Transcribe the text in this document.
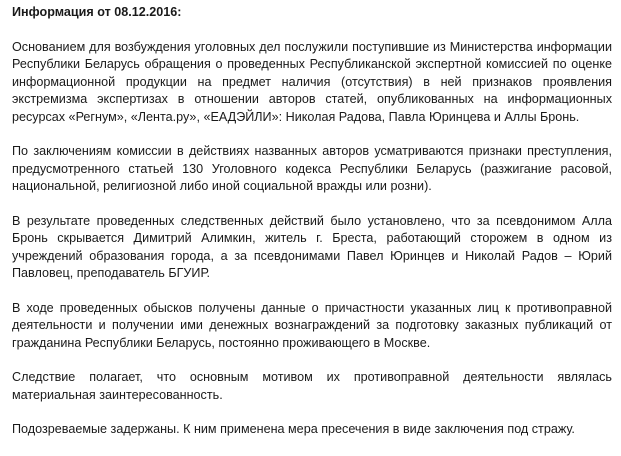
Информация от 08.12.2016:

Основанием для возбуждения уголовных дел послужили поступившие из Министерства информации Республики Беларусь обращения о проведенных Республиканской экспертной комиссией по оценке информационной продукции на предмет наличия (отсутствия) в ней признаков проявления экстремизма экспертизах в отношении авторов статей, опубликованных на информационных ресурсах «Регнум», «Лента.ру», «ЕАДЭЙЛИ»: Николая Радова, Павла Юринцева и Аллы Бронь.

По заключениям комиссии в действиях названных авторов усматриваются признаки преступления, предусмотренного статьей 130 Уголовного кодекса Республики Беларусь (разжигание расовой, национальной, религиозной либо иной социальной вражды или розни).

В результате проведенных следственных действий было установлено, что за псевдонимом Алла Бронь скрывается Димитрий Алимкин, житель г. Бреста, работающий сторожем в одном из учреждений образования города, а за псевдонимами Павел Юринцев и Николай Радов – Юрий Павловец, преподаватель БГУИР.

В ходе проведенных обысков получены данные о причастности указанных лиц к противоправной деятельности и получении ими денежных вознаграждений за подготовку заказных публикаций от гражданина Республики Беларусь, постоянно проживающего в Москве.

Следствие полагает, что основным мотивом их противоправной деятельности являлась материальная заинтересованность.

Подозреваемые задержаны. К ним применена мера пресечения в виде заключения под стражу.
